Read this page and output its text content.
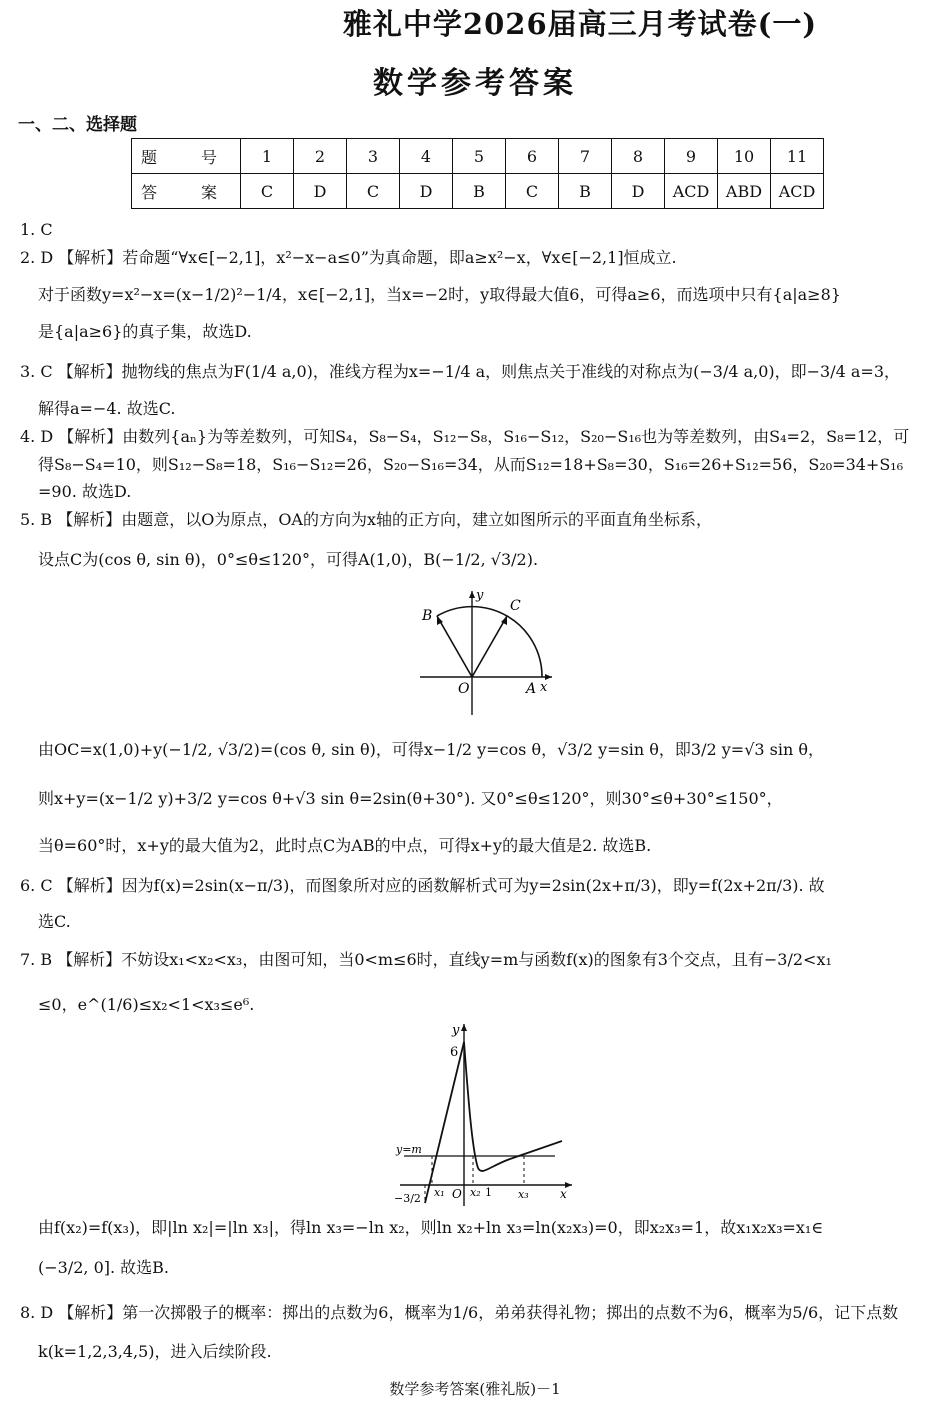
雅礼中学2026届高三月考试卷(一)
数学参考答案
一、二、选择题
题　号	1	2	3	4	5	6	7	8	9	10	11
答　案	C	D	C	D	B	C	B	D	ACD	ABD	ACD
1. C
2. D 【解析】若命题“∀x∈[−2,1]，x²−x−a≤0”为真命题，即a≥x²−x，∀x∈[−2,1]恒成立.
对于函数y=x²−x=(x−1/2)²−1/4，x∈[−2,1]，当x=−2时，y取得最大值6，可得a≥6，而选项中只有{a|a≥8}
是{a|a≥6}的真子集，故选D.
3. C 【解析】抛物线的焦点为F(1/4 a,0)，准线方程为x=−1/4 a，则焦点关于准线的对称点为(−3/4 a,0)，即−3/4 a=3，
解得a=−4. 故选C.
4. D 【解析】由数列{aₙ}为等差数列，可知S₄，S₈−S₄，S₁₂−S₈，S₁₆−S₁₂，S₂₀−S₁₆也为等差数列，由S₄=2，S₈=12，可
得S₈−S₄=10，则S₁₂−S₈=18，S₁₆−S₁₂=26，S₂₀−S₁₆=34，从而S₁₂=18+S₈=30，S₁₆=26+S₁₂=56，S₂₀=34+S₁₆
=90. 故选D.
5. B 【解析】由题意，以O为原点，OA的方向为x轴的正方向，建立如图所示的平面直角坐标系，
设点C为(cos θ, sin θ)，0°≤θ≤120°，可得A(1,0)，B(−1/2, √3/2).
y
B
C
O	A x
由OC=x(1,0)+y(−1/2, √3/2)=(cos θ, sin θ)，可得x−1/2 y=cos θ，√3/2 y=sin θ，即3/2 y=√3 sin θ，
则x+y=(x−1/2 y)+3/2 y=cos θ+√3 sin θ=2sin(θ+30°). 又0°≤θ≤120°，则30°≤θ+30°≤150°，
当θ=60°时，x+y的最大值为2，此时点C为AB的中点，可得x+y的最大值是2. 故选B.
6. C 【解析】因为f(x)=2sin(x−π/3)，而图象所对应的函数解析式可为y=2sin(2x+π/3)，即y=f(2x+2π/3). 故
选C.
7. B 【解析】不妨设x₁<x₂<x₃，由图可知，当0<m≤6时，直线y=m与函数f(x)的图象有3个交点，且有−3/2<x₁
≤0，e^(1/6)≤x₂<1<x₃≤e⁶.
y
6
y=m
−3/2 x₁ O x₂ 1 x₃	x
由f(x₂)=f(x₃)，即|ln x₂|=|ln x₃|，得ln x₃=−ln x₂，则ln x₂+ln x₃=ln(x₂x₃)=0，即x₂x₃=1，故x₁x₂x₃=x₁∈
(−3/2, 0]. 故选B.
8. D 【解析】第一次掷骰子的概率：掷出的点数为6，概率为1/6，弟弟获得礼物；掷出的点数不为6，概率为5/6，记下点数
k(k=1,2,3,4,5)，进入后续阶段.
数学参考答案(雅礼版)－1
